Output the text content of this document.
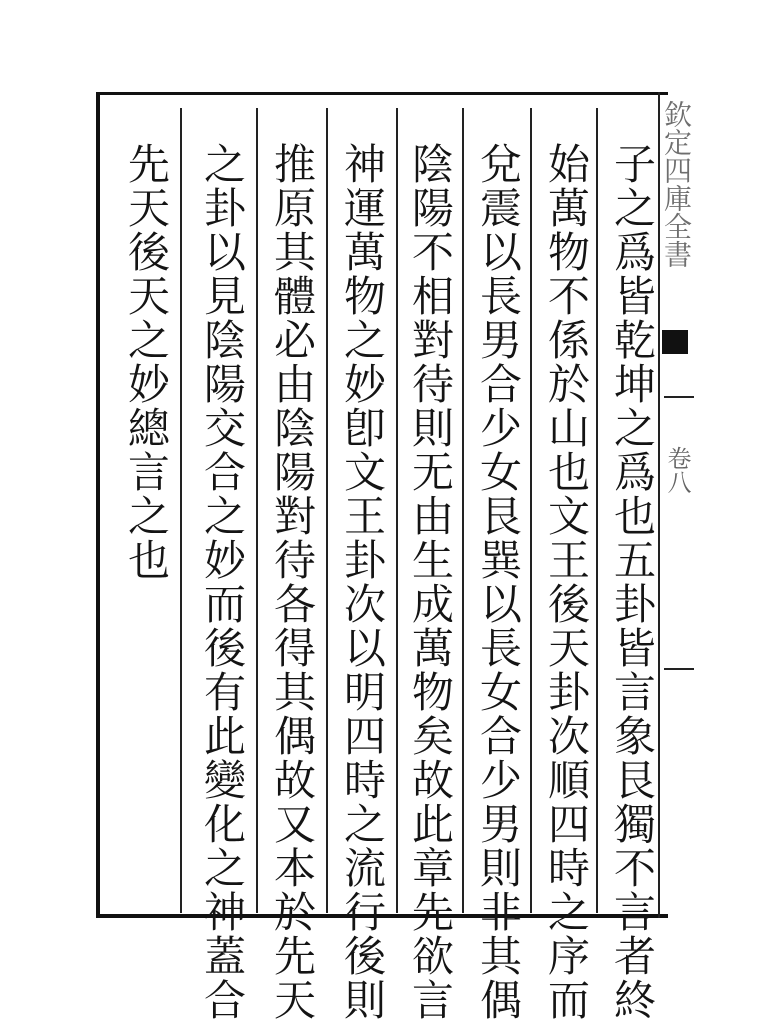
子之爲皆乾坤之爲也五卦皆言象艮獨不言者終
始萬物不係於山也文王後天卦次順四時之序而
兌震以長男合少女艮巽以長女合少男則非其偶
陰陽不相對待則无由生成萬物矣故此章先欲言
神運萬物之妙卽文王卦次以明四時之流行後則
推原其體必由陰陽對待各得其偶故又本於先天
之卦以見陰陽交合之妙而後有此變化之神蓋合
先天後天之妙總言之也	欽定四庫全書
卷八
